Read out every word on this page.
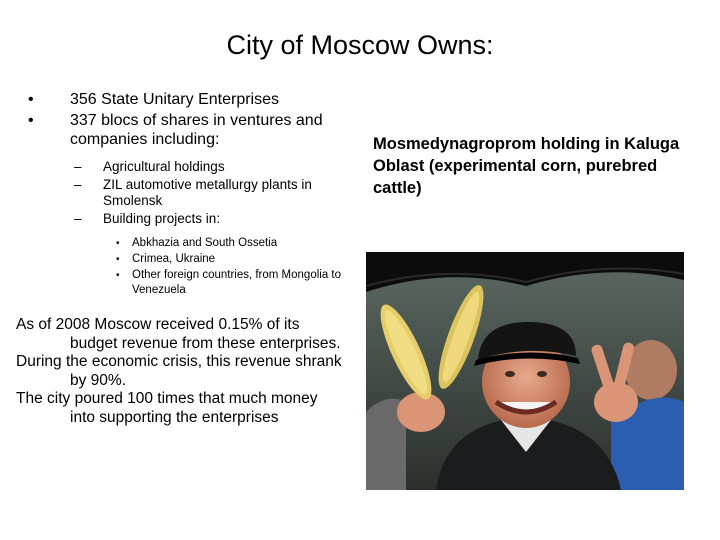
City of Moscow Owns:
• 356 State Unitary Enterprises
• 337 blocs of shares in ventures and companies including:
– Agricultural holdings
– ZIL automotive metallurgy plants in Smolensk
– Building projects in:
• Abkhazia and South Ossetia
• Crimea, Ukraine
• Other foreign countries, from Mongolia to Venezuela

As of 2008 Moscow received 0.15% of its budget revenue from these enterprises.

During the economic crisis, this revenue shrank by 90%.

The city poured 100 times that much money into supporting the enterprises

Mosmedynagroprom holding in Kaluga Oblast (experimental corn, purebred cattle)
